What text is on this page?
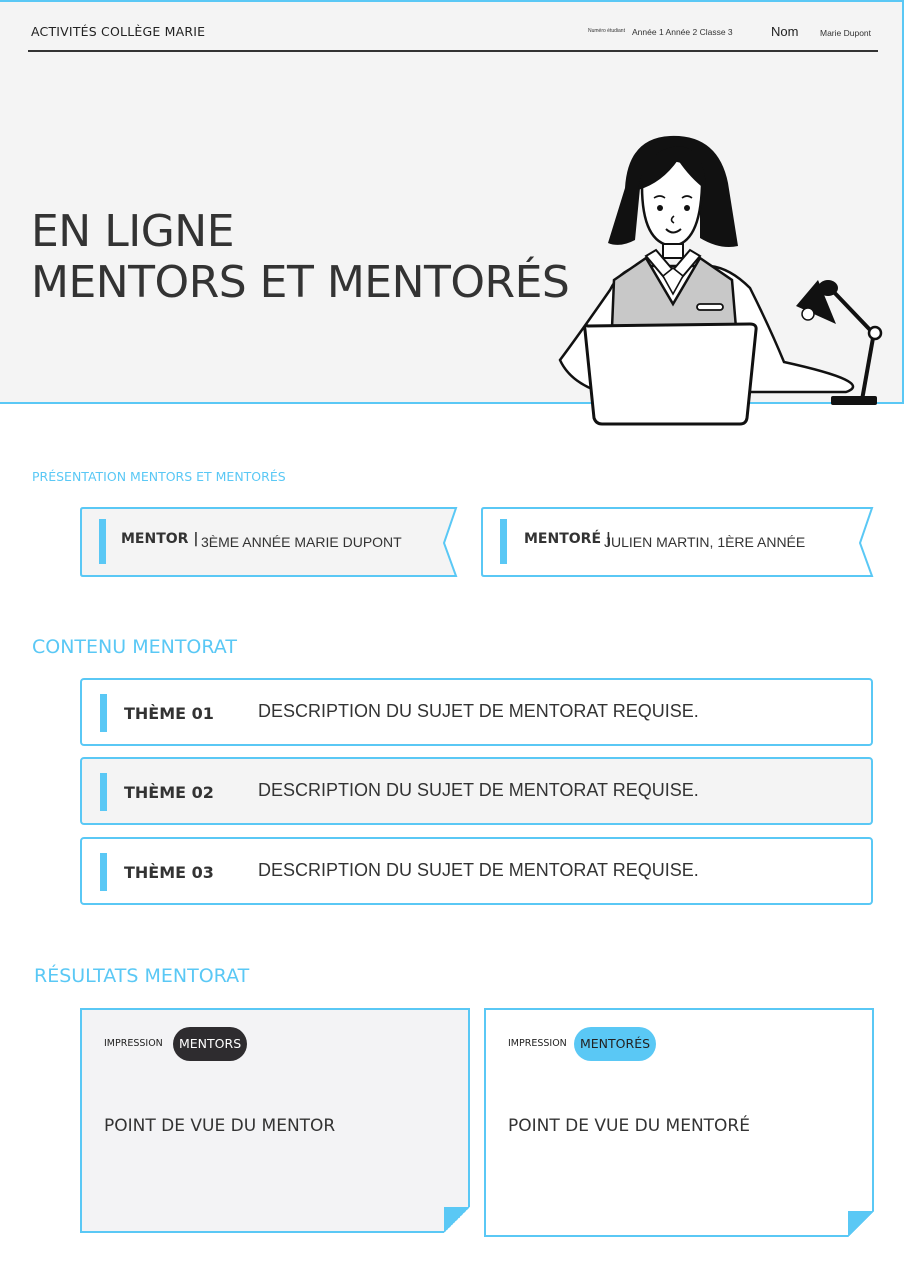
ACTIVITÉS COLLÈGE MARIE	Numéro étudiant Année 1 Année 2 Classe 3	Nom	Marie Dupont
EN LIGNE
MENTORS ET MENTORÉS
PRÉSENTATION MENTORS ET MENTORÉS
MENTOR | 3ÈME ANNÉE MARIE DUPONT	MENTORÉ |
JULIEN MARTIN, 1ÈRE ANNÉE
CONTENU MENTORAT
THÈME 01 DESCRIPTION DU SUJET DE MENTORAT REQUISE.
THÈME 02 DESCRIPTION DU SUJET DE MENTORAT REQUISE.
THÈME 03 DESCRIPTION DU SUJET DE MENTORAT REQUISE.
RÉSULTATS MENTORAT
IMPRESSION	MENTORS
POINT DE VUE DU MENTOR
IMPRESSION	MENTORÉS
POINT DE VUE DU MENTORÉ
